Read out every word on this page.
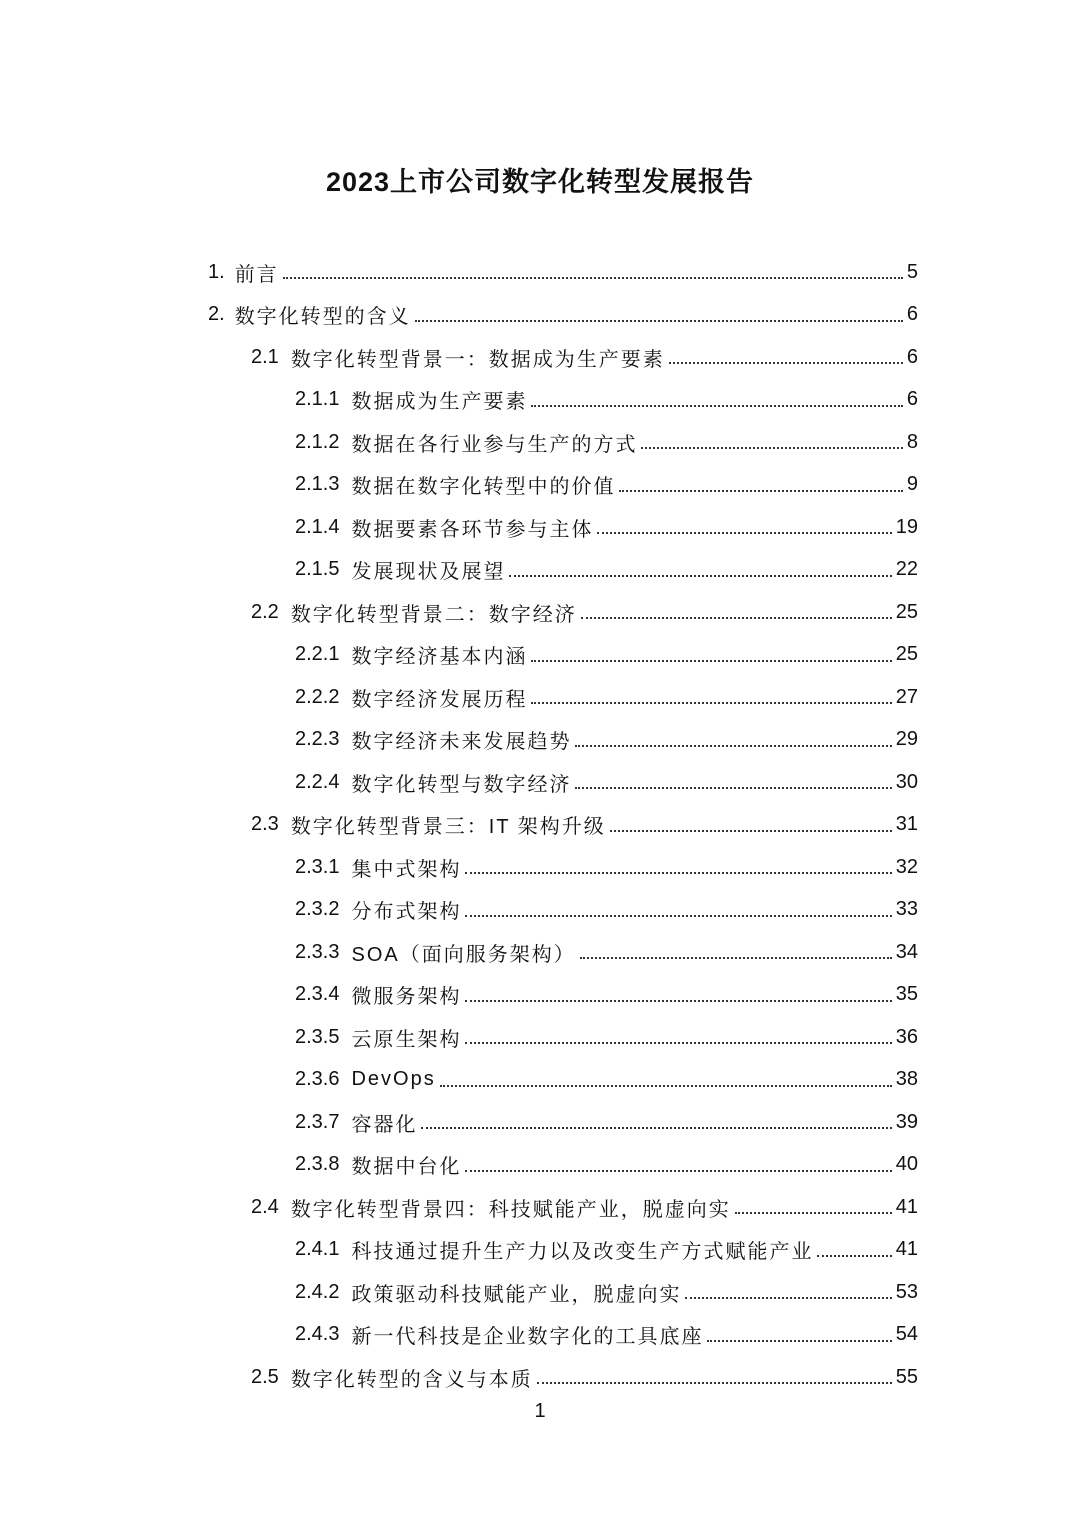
2023上市公司数字化转型发展报告
1. 前言	5
2. 数字化转型的含义	6
2.1 数字化转型背景一：数据成为生产要素	6
2.1.1 数据成为生产要素	6
2.1.2 数据在各行业参与生产的方式	8
2.1.3 数据在数字化转型中的价值	9
2.1.4 数据要素各环节参与主体	19
2.1.5 发展现状及展望	22
2.2 数字化转型背景二：数字经济	25
2.2.1 数字经济基本内涵	25
2.2.2 数字经济发展历程	27
2.2.3 数字经济未来发展趋势	29
2.2.4 数字化转型与数字经济	30
2.3 数字化转型背景三：IT 架构升级	31
2.3.1 集中式架构	32
2.3.2 分布式架构	33
2.3.3 SOA（面向服务架构）	34
2.3.4 微服务架构	35
2.3.5 云原生架构	36
2.3.6 DevOps	38
2.3.7 容器化	39
2.3.8 数据中台化	40
2.4 数字化转型背景四：科技赋能产业，脱虚向实	41
2.4.1 科技通过提升生产力以及改变生产方式赋能产业	41
2.4.2 政策驱动科技赋能产业，脱虚向实	53
2.4.3 新一代科技是企业数字化的工具底座	54
2.5 数字化转型的含义与本质	55
1
